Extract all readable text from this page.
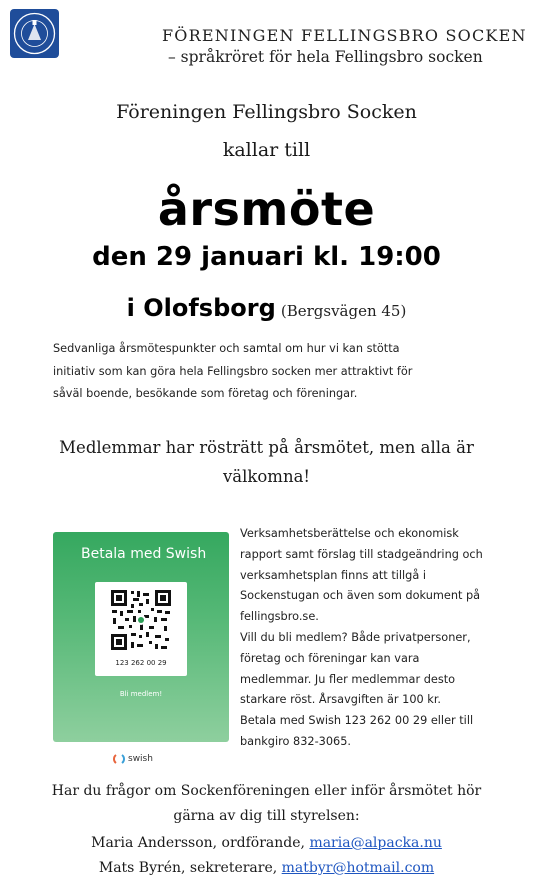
FÖRENINGEN FELLINGSBRO SOCKEN
– språkröret för hela Fellingsbro socken
Föreningen Fellingsbro Socken
kallar till
årsmöte
den 29 januari kl. 19:00
i Olofsborg (Bergsvägen 45)
Sedvanliga årsmötespunkter och samtal om hur vi kan stötta
initiativ som kan göra hela Fellingsbro socken mer attraktivt för
såväl boende, besökande som företag och föreningar.
Medlemmar har rösträtt på årsmötet, men alla är
välkomna!
Betala med Swish
123 262 00 29
Bli medlem!
swish
Verksamhetsberättelse och ekonomisk
rapport samt förslag till stadgeändring och
verksamhetsplan finns att tillgå i
Sockenstugan och även som dokument på
fellingsbro.se.
Vill du bli medlem? Både privatpersoner,
företag och föreningar kan vara
medlemmar. Ju fler medlemmar desto
starkare röst. Årsavgiften är 100 kr.
Betala med Swish 123 262 00 29 eller till
bankgiro 832-3065.
Har du frågor om Sockenföreningen eller inför årsmötet hör
gärna av dig till styrelsen:
Maria Andersson, ordförande, maria@alpacka.nu
Mats Byrén, sekreterare, matbyr@hotmail.com
